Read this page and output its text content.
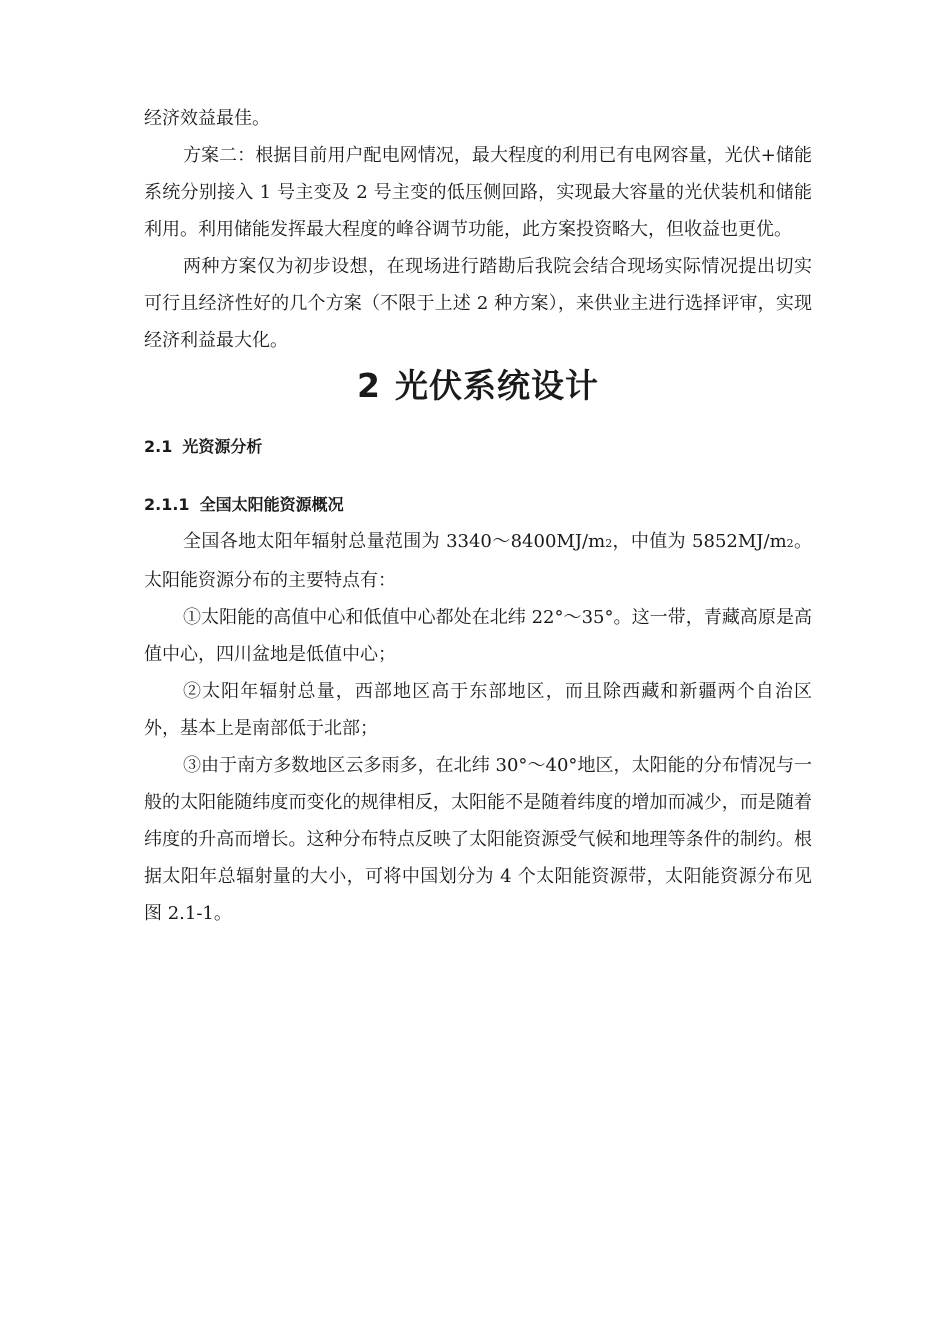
经济效益最佳。

方案二：根据目前用户配电网情况，最大程度的利用已有电网容量，光伏+储能系统分别接入 1 号主变及 2 号主变的低压侧回路，实现最大容量的光伏装机和储能利用。利用储能发挥最大程度的峰谷调节功能，此方案投资略大，但收益也更优。

两种方案仅为初步设想，在现场进行踏勘后我院会结合现场实际情况提出切实可行且经济性好的几个方案（不限于上述 2 种方案），来供业主进行选择评审，实现经济利益最大化。

2 光伏系统设计
2.1 光资源分析
2.1.1 全国太阳能资源概况

全国各地太阳年辐射总量范围为 3340～8400MJ/m2，中值为 5852MJ/m2。太阳能资源分布的主要特点有：

①太阳能的高值中心和低值中心都处在北纬 22°～35°。这一带，青藏高原是高值中心，四川盆地是低值中心；

②太阳年辐射总量，西部地区高于东部地区，而且除西藏和新疆两个自治区外，基本上是南部低于北部；

③由于南方多数地区云多雨多，在北纬 30°～40°地区，太阳能的分布情况与一般的太阳能随纬度而变化的规律相反，太阳能不是随着纬度的增加而减少，而是随着纬度的升高而增长。这种分布特点反映了太阳能资源受气候和地理等条件的制约。根据太阳年总辐射量的大小，可将中国划分为 4 个太阳能资源带，太阳能资源分布见图 2.1-1。
